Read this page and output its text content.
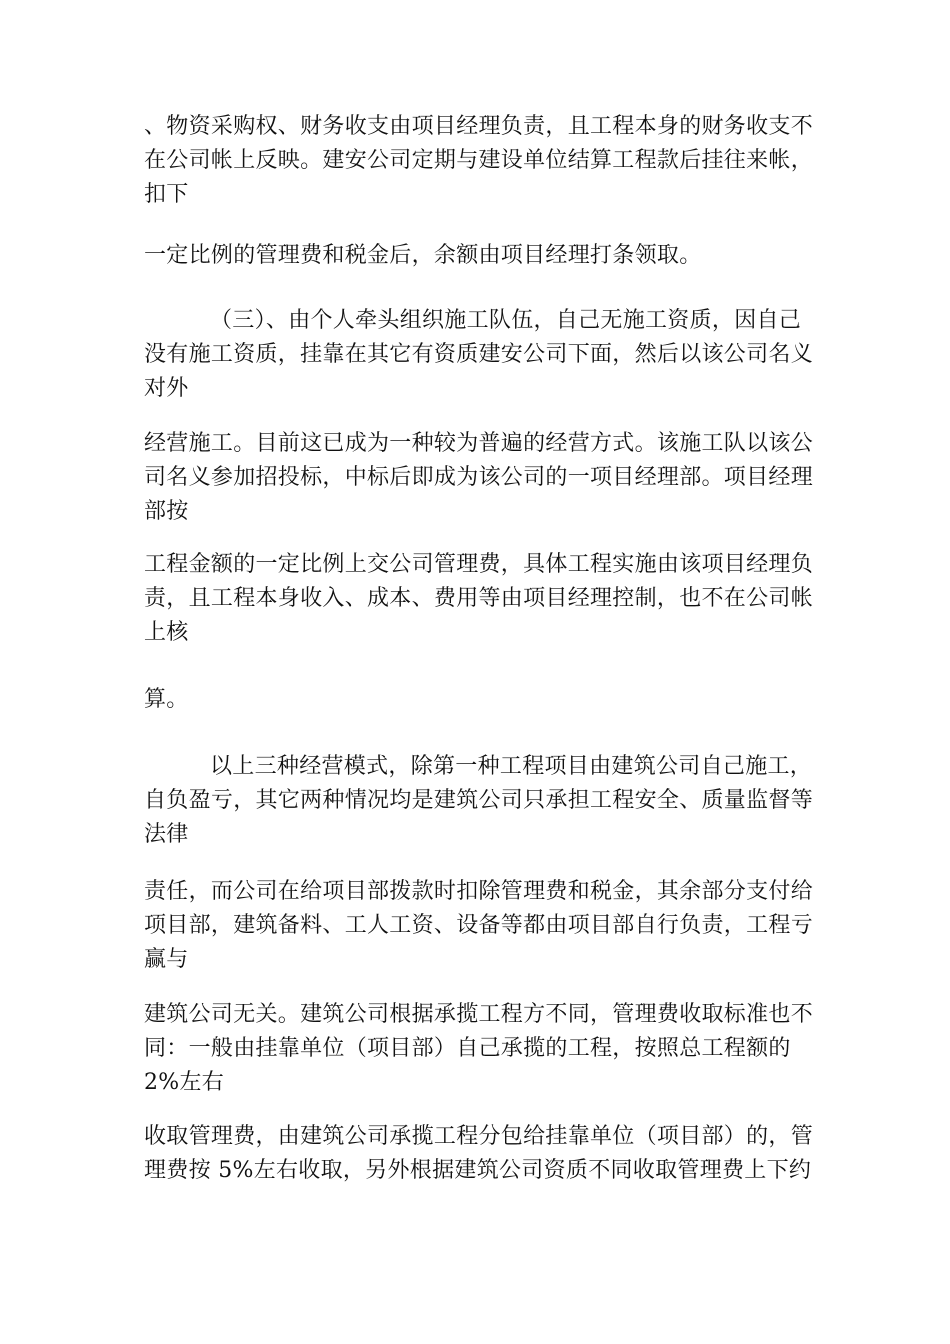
、物资采购权、财务收支由项目经理负责，且工程本身的财务收支不
在公司帐上反映。建安公司定期与建设单位结算工程款后挂往来帐，
扣下
一定比例的管理费和税金后，余额由项目经理打条领取。
（三）、由个人牵头组织施工队伍，自己无施工资质，因自己
没有施工资质，挂靠在其它有资质建安公司下面，然后以该公司名义
对外
经营施工。目前这已成为一种较为普遍的经营方式。该施工队以该公
司名义参加招投标，中标后即成为该公司的一项目经理部。项目经理
部按
工程金额的一定比例上交公司管理费，具体工程实施由该项目经理负
责，且工程本身收入、成本、费用等由项目经理控制，也不在公司帐
上核
算。
以上三种经营模式，除第一种工程项目由建筑公司自己施工，
自负盈亏，其它两种情况均是建筑公司只承担工程安全、质量监督等
法律
责任，而公司在给项目部拨款时扣除管理费和税金，其余部分支付给
项目部，建筑备料、工人工资、设备等都由项目部自行负责，工程亏
赢与
建筑公司无关。建筑公司根据承揽工程方不同，管理费收取标准也不
同：一般由挂靠单位（项目部）自己承揽的工程，按照总工程额的
2%左右
收取管理费，由建筑公司承揽工程分包给挂靠单位（项目部）的，管
理费按 5%左右收取，另外根据建筑公司资质不同收取管理费上下约
